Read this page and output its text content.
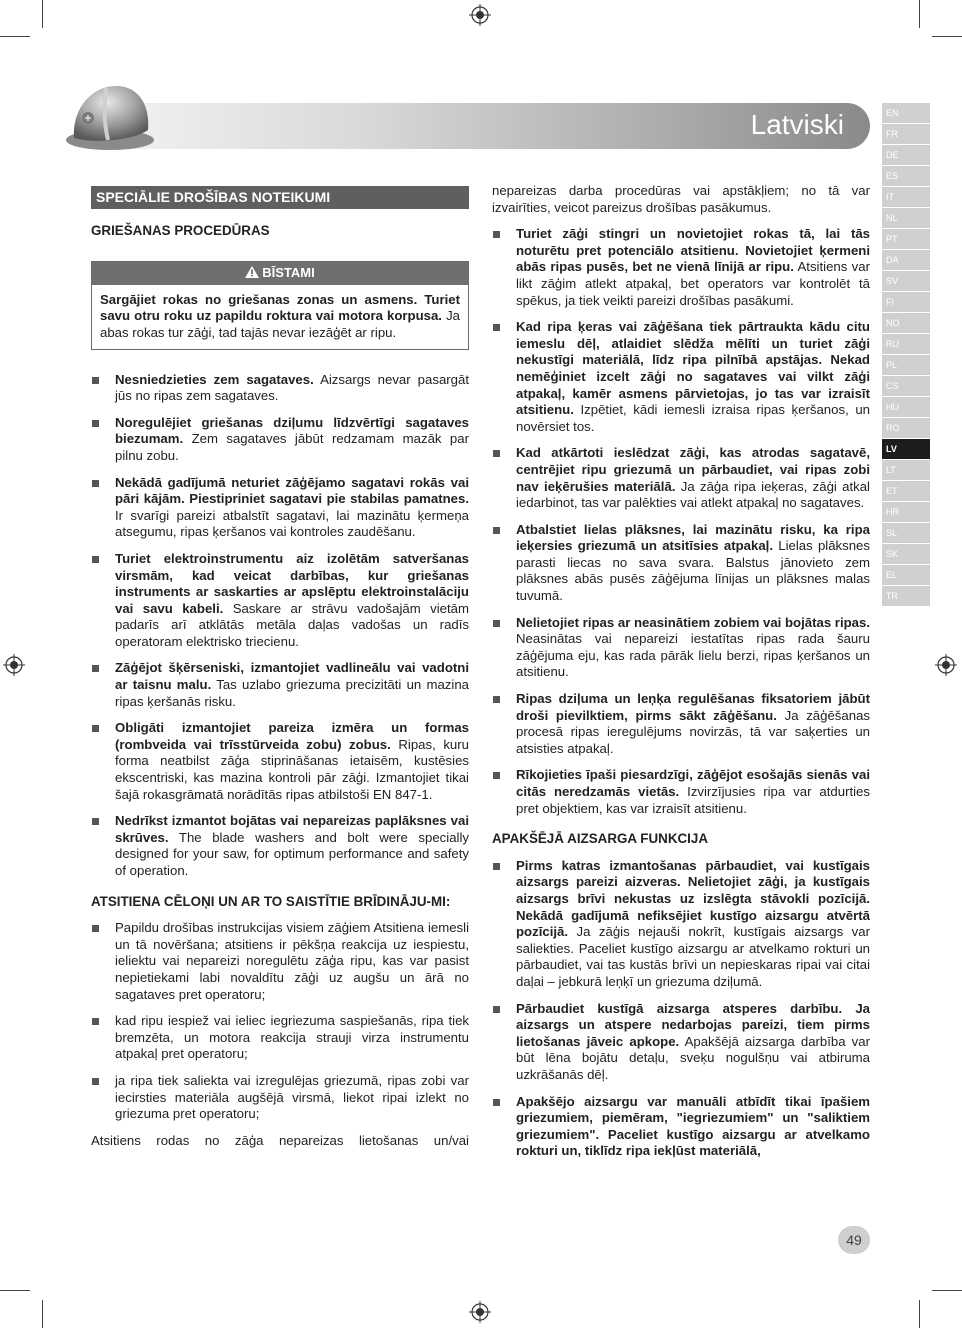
Latviski	EN
FR
DE
ES
IT
NL
PT
DA
SV
FI
NO
RU
PL
CS
HU
RO
LV
LT
ET
HR
SL
SK
EL
TR
SPECIĀLIE DROŠĪBAS NOTEIKUMI

GRIEŠANAS PROCEDŪRAS

BĪSTAMI
Sargājiet rokas no griešanas zonas un asmens. Turiet savu otru roku uz papildu roktura vai motora korpusa. Ja abas rokas tur zāģi, tad tajās nevar iezāģēt ar ripu.
Nesniedzieties zem sagataves. Aizsargs nevar pasargāt jūs no ripas zem sagataves.
Noregulējiet griešanas dziļumu līdzvērtīgi sagataves biezumam. Zem sagataves jābūt redzamam mazāk par pilnu zobu.
Nekādā gadījumā neturiet zāģējamo sagatavi rokās vai pāri kājām. Piestipriniet sagatavi pie stabilas pamatnes. Ir svarīgi pareizi atbalstīt sagatavi, lai mazinātu ķermeņa atsegumu, ripas ķeršanos vai kontroles zaudēšanu.
Turiet elektroinstrumentu aiz izolētām satveršanas virsmām, kad veicat darbības, kur griešanas instruments ar saskarties ar apslēptu elektroinstalāciju vai savu kabeli. Saskare ar strāvu vadošajām vietām padarīs arī atklātās metāla daļas vadošas un radīs operatoram elektrisko triecienu.
Zāģējot šķērseniski, izmantojiet vadlineālu vai vadotni ar taisnu malu. Tas uzlabo griezuma precizitāti un mazina ripas ķeršanās risku.
Obligāti izmantojiet pareiza izmēra un formas (rombveida vai trīsstūrveida zobu) zobus. Ripas, kuru forma neatbilst zāģa stiprināšanas ietaisēm, kustēsies ekscentriski, kas mazina kontroli pār zāģi. Izmantojiet tikai šajā rokasgrāmatā norādītās ripas atbilstoši EN 847-1.
Nedrīkst izmantot bojātas vai nepareizas paplāksnes vai skrūves. The blade washers and bolt were specially designed for your saw, for optimum performance and safety of operation.

ATSITIENA CĒLOŅI UN AR TO SAISTĪTIE BRĪDINĀJU-MI:

Papildu drošības instrukcijas visiem zāģiem Atsitiena iemesli un tā novēršana; atsitiens ir pēkšņa reakcija uz iespiestu, ieliektu vai nepareizi noregulētu zāģa ripu, kas var pasist nepietiekami labi novaldītu zāģi uz augšu un ārā no sagataves pret operatoru;
kad ripu iespiež vai ieliec iegriezuma saspiešanās, ripa tiek bremzēta, un motora reakcija strauji virza instrumentu atpakaļ pret operatoru;
ja ripa tiek saliekta vai izregulējas griezumā, ripas zobi var iecirsties materiāla augšējā virsmā, liekot ripai izlekt no griezuma pret operatoru;

Atsitiens rodas no zāģa nepareizas lietošanas un/vai

nepareizas darba procedūras vai apstākļiem; no tā var izvairīties, veicot pareizus drošības pasākumus.

Turiet zāģi stingri un novietojiet rokas tā, lai tās noturētu pret potenciālo atsitienu. Novietojiet ķermeni abās ripas pusēs, bet ne vienā līnijā ar ripu. Atsitiens var likt zāģim atlekt atpakaļ, bet operators var kontrolēt tā spēkus, ja tiek veikti pareizi drošības pasākumi.
Kad ripa ķeras vai zāģēšana tiek pārtraukta kādu citu iemeslu dēļ, atlaidiet slēdža mēlīti un turiet zāģi nekustīgi materiālā, līdz ripa pilnībā apstājas. Nekad nemēģiniet izcelt zāģi no sagataves vai vilkt zāģi atpakaļ, kamēr asmens pārvietojas, jo tas var izraisīt atsitienu. Izpētiet, kādi iemesli izraisa ripas ķeršanos, un novērsiet tos.
Kad atkārtoti ieslēdzat zāģi, kas atrodas sagatavē, centrējiet ripu griezumā un pārbaudiet, vai ripas zobi nav ieķērušies materiālā. Ja zāģa ripa ieķeras, zāģi atkal iedarbinot, tas var palēkties vai atlekt atpakaļ no sagataves.
Atbalstiet lielas plāksnes, lai mazinātu risku, ka ripa ieķersies griezumā un atsitīsies atpakaļ. Lielas plāksnes parasti liecas no sava svara. Balstus jānovieto zem plāksnes abās pusēs zāģējuma līnijas un plāksnes malas tuvumā.
Nelietojiet ripas ar neasinātiem zobiem vai bojātas ripas. Neasinātas vai nepareizi iestatītas ripas rada šauru zāģējuma eju, kas rada pārāk lielu berzi, ripas ķeršanos un atsitienu.
Ripas dziļuma un leņķa regulēšanas fiksatoriem jābūt droši pievilktiem, pirms sākt zāģēšanu. Ja zāģēšanas procesā ripas ieregulējums novirzās, tā var saķerties un atsisties atpakaļ.
Rīkojieties īpaši piesardzīgi, zāģējot esošajās sienās vai citās neredzamās vietās. Izvirzījusies ripa var atdurties pret objektiem, kas var izraisīt atsitienu.

APAKŠĒJĀ AIZSARGA FUNKCIJA

Pirms katras izmantošanas pārbaudiet, vai kustīgais aizsargs pareizi aizveras. Nelietojiet zāģi, ja kustīgais aizsargs brīvi nekustas uz izslēgta stāvokli pozīcijā. Nekādā gadījumā nefiksējiet kustīgo aizsargu atvērtā pozīcijā. Ja zāģis nejauši nokrīt, kustīgais aizsargs var saliekties. Paceliet kustīgo aizsargu ar atvelkamo rokturi un pārbaudiet, vai tas kustās brīvi un nepieskaras ripai vai citai daļai – jebkurā leņķī un griezuma dziļumā.
Pārbaudiet kustīgā aizsarga atsperes darbību. Ja aizsargs un atspere nedarbojas pareizi, tiem pirms lietošanas jāveic apkope. Apakšējā aizsarga darbība var būt lēna bojātu detaļu, sveķu nogulšņu vai atbiruma uzkrāšanās dēļ.
Apakšējo aizsargu var manuāli atbīdīt tikai īpašiem griezumiem, piemēram, "iegriezumiem" un "saliktiem griezumiem". Paceliet kustīgo aizsargu ar atvelkamo rokturi un, tiklīdz ripa iekļūst materiālā,
49
